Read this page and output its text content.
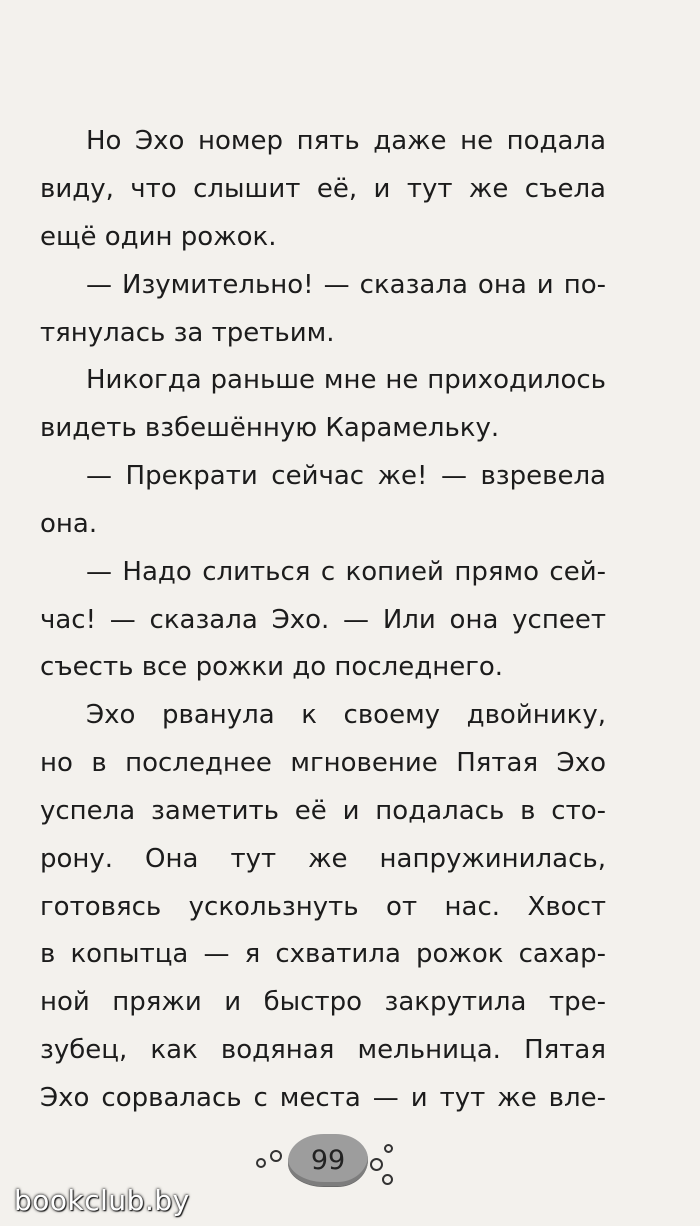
Но Эхо номер пять даже не подала
виду, что слышит её, и тут же съела
ещё один рожок.
— Изумительно! — сказала она и по-
тянулась за третьим.
Никогда раньше мне не приходилось
видеть взбешённую Карамельку.
— Прекрати сейчас же! — взревела
она.
— Надо слиться с копией прямо сей-
час! — сказала Эхо. — Или она успеет
съесть все рожки до последнего.
Эхо рванула к своему двойнику,
но в последнее мгновение Пятая Эхо
успела заметить её и подалась в сто-
рону. Она тут же напружинилась,
готовясь ускользнуть от нас. Хвост
в копытца — я схватила рожок сахар-
ной пряжи и быстро закрутила тре-
зубец, как водяная мельница. Пятая
Эхо сорвалась с места — и тут же вле-
99
bookclub.by
